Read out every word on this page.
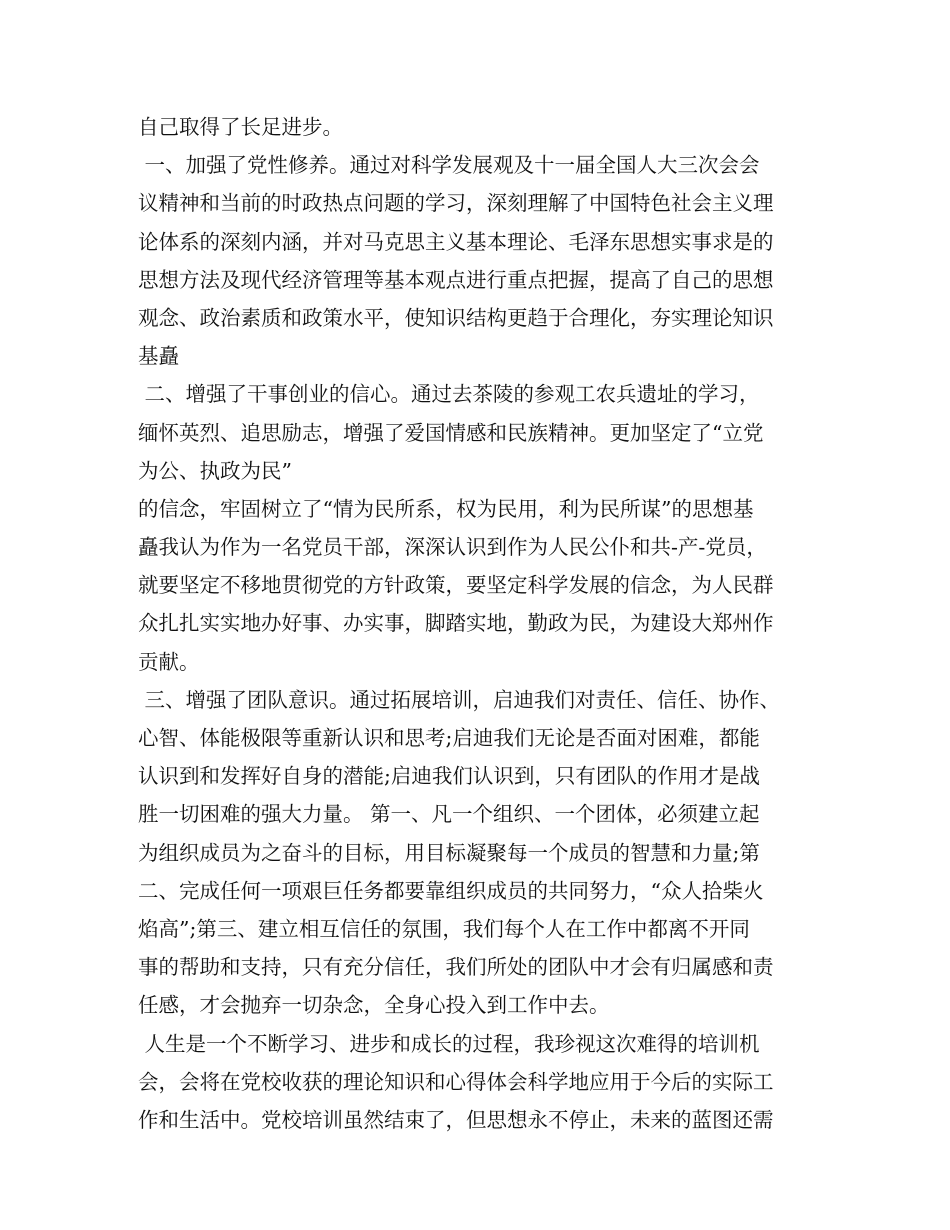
自己取得了长足进步。
一、加强了党性修养。通过对科学发展观及十一届全国人大三次会会
议精神和当前的时政热点问题的学习，深刻理解了中国特色社会主义理
论体系的深刻内涵，并对马克思主义基本理论、毛泽东思想实事求是的
思想方法及现代经济管理等基本观点进行重点把握，提高了自己的思想
观念、政治素质和政策水平，使知识结构更趋于合理化，夯实理论知识
基矗
二、增强了干事创业的信心。通过去茶陵的参观工农兵遗址的学习，
缅怀英烈、追思励志，增强了爱国情感和民族精神。更加坚定了“立党
为公、执政为民”
的信念，牢固树立了“情为民所系，权为民用，利为民所谋”的思想基
矗我认为作为一名党员干部，深深认识到作为人民公仆和共-产-党员，
就要坚定不移地贯彻党的方针政策，要坚定科学发展的信念，为人民群
众扎扎实实地办好事、办实事，脚踏实地，勤政为民，为建设大郑州作
贡献。
三、增强了团队意识。通过拓展培训，启迪我们对责任、信任、协作、
心智、体能极限等重新认识和思考;启迪我们无论是否面对困难，都能
认识到和发挥好自身的潜能;启迪我们认识到，只有团队的作用才是战
胜一切困难的强大力量。 第一、凡一个组织、一个团体，必须建立起
为组织成员为之奋斗的目标，用目标凝聚每一个成员的智慧和力量;第
二、完成任何一项艰巨任务都要靠组织成员的共同努力，“众人拾柴火
焰高”;第三、建立相互信任的氛围，我们每个人在工作中都离不开同
事的帮助和支持，只有充分信任，我们所处的团队中才会有归属感和责
任感，才会抛弃一切杂念，全身心投入到工作中去。
人生是一个不断学习、进步和成长的过程，我珍视这次难得的培训机
会，会将在党校收获的理论知识和心得体会科学地应用于今后的实际工
作和生活中。党校培训虽然结束了，但思想永不停止，未来的蓝图还需
